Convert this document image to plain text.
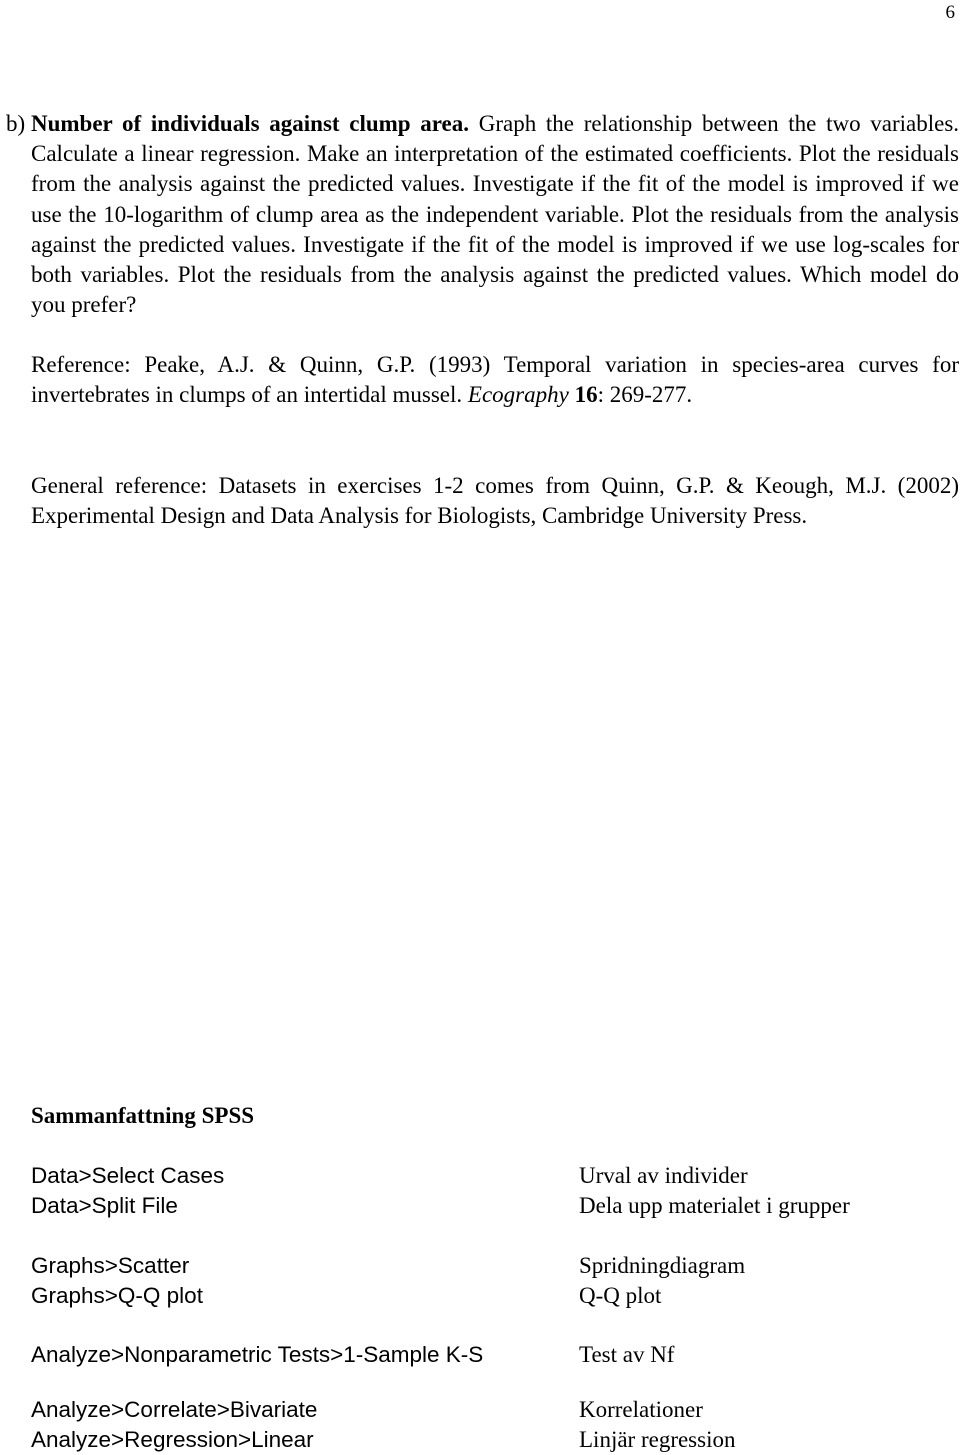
6
b) Number of individuals against clump area. Graph the relationship between the two variables. Calculate a linear regression. Make an interpretation of the estimated coefficients. Plot the residuals from the analysis against the predicted values. Investigate if the fit of the model is improved if we use the 10-logarithm of clump area as the independent variable. Plot the residuals from the analysis against the predicted values. Investigate if the fit of the model is improved if we use log-scales for both variables. Plot the residuals from the analysis against the predicted values. Which model do you prefer?
Reference: Peake, A.J. & Quinn, G.P. (1993) Temporal variation in species-area curves for invertebrates in clumps of an intertidal mussel. Ecography 16: 269-277.
General reference: Datasets in exercises 1-2 comes from Quinn, G.P. & Keough, M.J. (2002) Experimental Design and Data Analysis for Biologists, Cambridge University Press.
Sammanfattning SPSS
Data>Select Cases	Urval av individer
Data>Split File	Dela upp materialet i grupper
Graphs>Scatter	Spridningdiagram
Graphs>Q-Q plot	Q-Q plot
Analyze>Nonparametric Tests>1-Sample K-S	Test av Nf
Analyze>Correlate>Bivariate	Korrelationer
Analyze>Regression>Linear	Linjär regression
